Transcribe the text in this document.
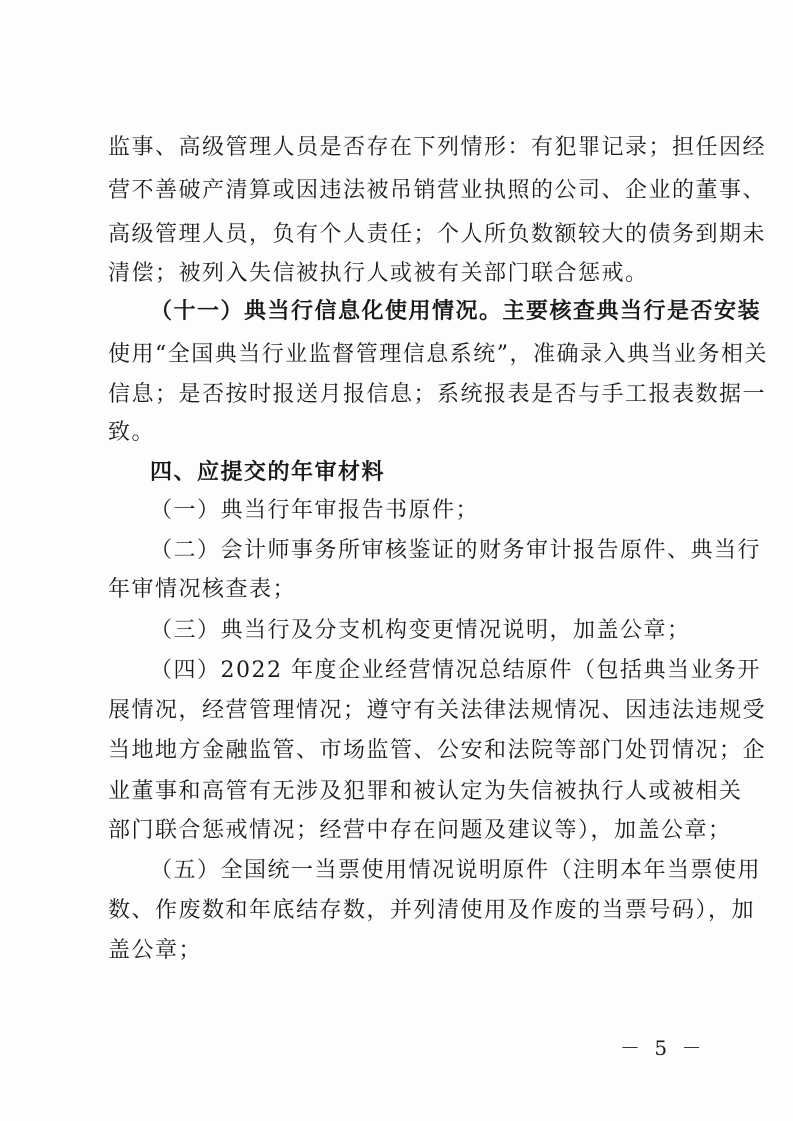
监事、高级管理人员是否存在下列情形：有犯罪记录；担任因经
营不善破产清算或因违法被吊销营业执照的公司、企业的董事、
高级管理人员，负有个人责任；个人所负数额较大的债务到期未
清偿；被列入失信被执行人或被有关部门联合惩戒。
（十一）典当行信息化使用情况。主要核查典当行是否安装
使用“全国典当行业监督管理信息系统”，准确录入典当业务相关
信息；是否按时报送月报信息；系统报表是否与手工报表数据一
致。
四、应提交的年审材料
（一）典当行年审报告书原件；
（二）会计师事务所审核鉴证的财务审计报告原件、典当行
年审情况核查表；
（三）典当行及分支机构变更情况说明，加盖公章；
（四）2022 年度企业经营情况总结原件（包括典当业务开
展情况，经营管理情况；遵守有关法律法规情况、因违法违规受
当地地方金融监管、市场监管、公安和法院等部门处罚情况；企
业董事和高管有无涉及犯罪和被认定为失信被执行人或被相关
部门联合惩戒情况；经营中存在问题及建议等），加盖公章；
（五）全国统一当票使用情况说明原件（注明本年当票使用
数、作废数和年底结存数，并列清使用及作废的当票号码），加
盖公章；
－ 5 －
